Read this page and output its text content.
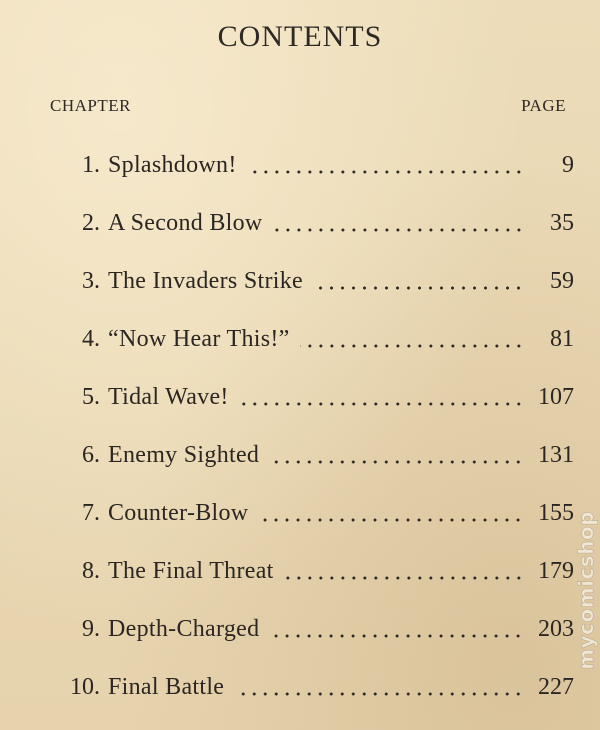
CONTENTS
CHAPTER	PAGE
1. Splashdown!	9
2. A Second Blow	35
3. The Invaders Strike	59
4. “Now Hear This!”	81
5. Tidal Wave!	107
6. Enemy Sighted	131
7. Counter-Blow	155
8. The Final Threat	179
9. Depth-Charged	203
10. Final Battle	227
mycomicshop
